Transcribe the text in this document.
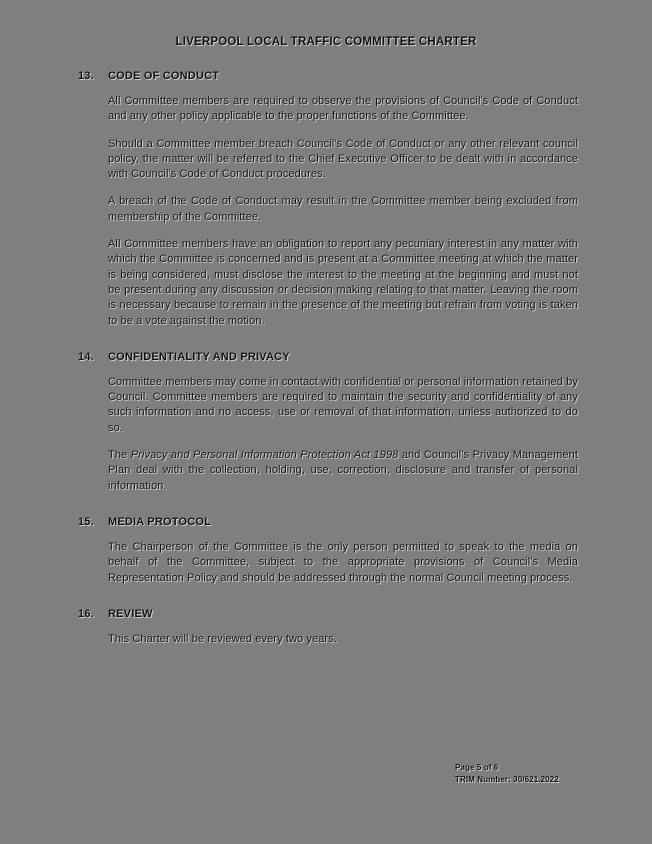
LIVERPOOL LOCAL TRAFFIC COMMITTEE CHARTER
13.	CODE OF CONDUCT

All Committee members are required to observe the provisions of Council's Code of Conduct and any other policy applicable to the proper functions of the Committee.

Should a Committee member breach Council's Code of Conduct or any other relevant council policy, the matter will be referred to the Chief Executive Officer to be dealt with in accordance with Council's Code of Conduct procedures.

A breach of the Code of Conduct may result in the Committee member being excluded from membership of the Committee.

All Committee members have an obligation to report any pecuniary interest in any matter with which the Committee is concerned and is present at a Committee meeting at which the matter is being considered, must disclose the interest to the meeting at the beginning and must not be present during any discussion or decision making relating to that matter. Leaving the room is necessary because to remain in the presence of the meeting but refrain from voting is taken to be a vote against the motion.

14.	CONFIDENTIALITY AND PRIVACY

Committee members may come in contact with confidential or personal information retained by Council. Committee members are required to maintain the security and confidentiality of any such information and no access, use or removal of that information, unless authorized to do so.

The Privacy and Personal Information Protection Act 1998 and Council's Privacy Management Plan deal with the collection, holding, use, correction, disclosure and transfer of personal information.

15.	MEDIA PROTOCOL

The Chairperson of the Committee is the only person permitted to speak to the media on behalf of the Committee, subject to the appropriate provisions of Council's Media Representation Policy and should be addressed through the normal Council meeting process.

16.	REVIEW

This Charter will be reviewed every two years.

Page 5 of 6
TRIM Number: 30/621.2022
